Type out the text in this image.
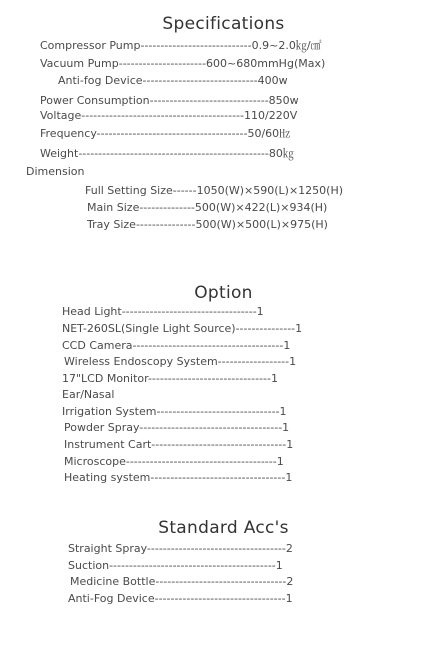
Specifications
Compressor Pump----------------------------0.9~2.0㎏/㎠
Vacuum Pump----------------------600~680mmHg(Max)
Anti-fog Device-----------------------------400w
Power Consumption------------------------------850w
Voltage-----------------------------------------110/220V
Frequency--------------------------------------50/60㎐
Weight------------------------------------------------80㎏
Dimension
Full Setting Size------1050(W)×590(L)×1250(H)
Main Size--------------500(W)×422(L)×934(H)
Tray Size---------------500(W)×500(L)×975(H)
Option
Head Light----------------------------------1
NET-260SL(Single Light Source)---------------1
CCD Camera--------------------------------------1
Wireless Endoscopy System------------------1
17"LCD Monitor-------------------------------1
Ear/Nasal
Irrigation System-------------------------------1
Powder Spray------------------------------------1
Instrument Cart----------------------------------1
Microscope--------------------------------------1
Heating system----------------------------------1
Standard Acc's
Straight Spray-----------------------------------2
Suction------------------------------------------1
Medicine Bottle---------------------------------2
Anti-Fog Device---------------------------------1
